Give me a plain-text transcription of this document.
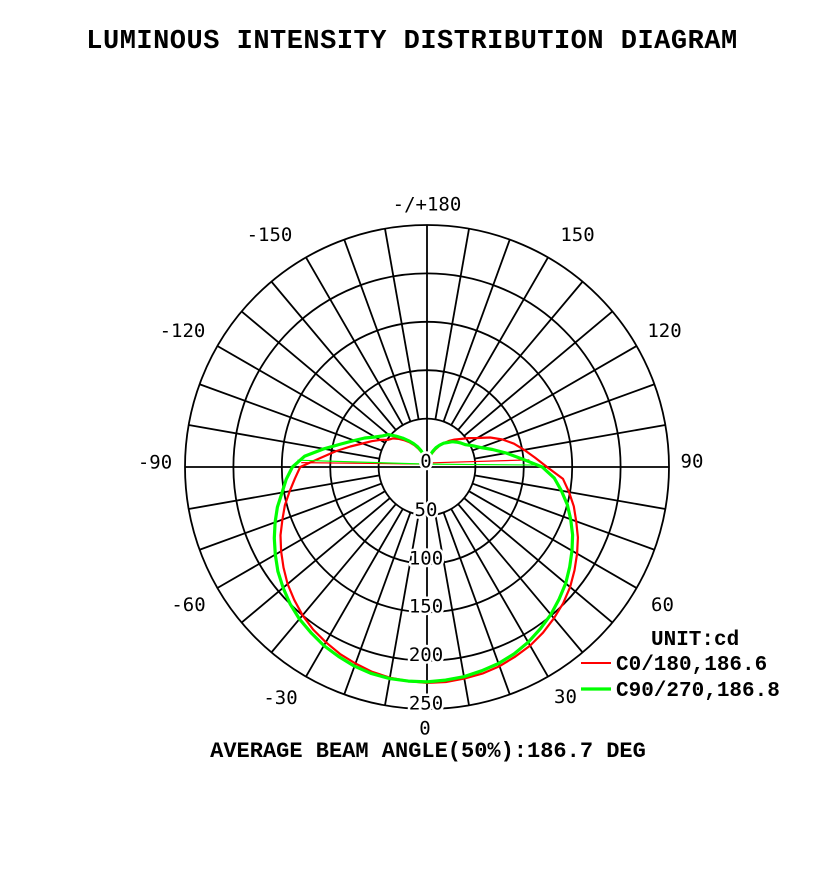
LUMINOUS INTENSITY DISTRIBUTION DIAGRAM
-/+180
150
120
90
60
30
0
-30
-60
-90
-120
-150
0
50
100
150
200
250
UNIT:cd
C0/180,186.6
C90/270,186.8
AVERAGE BEAM ANGLE(50%):186.7 DEG
